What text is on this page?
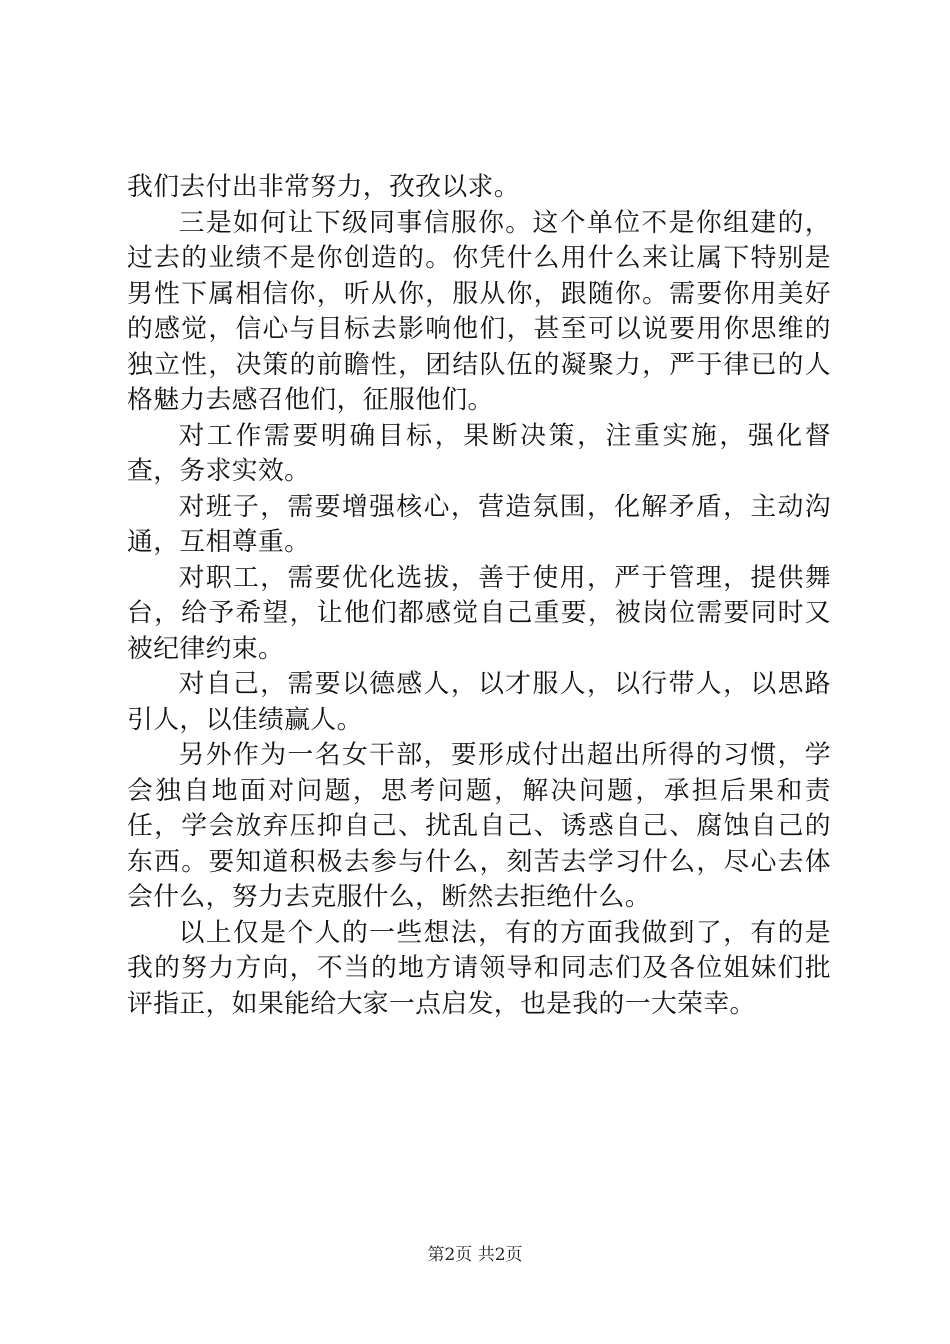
我们去付出非常努力，孜孜以求。

三是如何让下级同事信服你。这个单位不是你组建的，过去的业绩不是你创造的。你凭什么用什么来让属下特别是男性下属相信你，听从你，服从你，跟随你。需要你用美好的感觉，信心与目标去影响他们，甚至可以说要用你思维的独立性，决策的前瞻性，团结队伍的凝聚力，严于律已的人格魅力去感召他们，征服他们。

对工作需要明确目标，果断决策，注重实施，强化督查，务求实效。

对班子，需要增强核心，营造氛围，化解矛盾，主动沟通，互相尊重。

对职工，需要优化选拔，善于使用，严于管理，提供舞台，给予希望，让他们都感觉自己重要，被岗位需要同时又被纪律约束。

对自己，需要以德感人，以才服人，以行带人，以思路引人，以佳绩赢人。

另外作为一名女干部，要形成付出超出所得的习惯，学会独自地面对问题，思考问题，解决问题，承担后果和责任，学会放弃压抑自己、扰乱自己、诱惑自己、腐蚀自己的东西。要知道积极去参与什么，刻苦去学习什么，尽心去体会什么，努力去克服什么，断然去拒绝什么。

以上仅是个人的一些想法，有的方面我做到了，有的是我的努力方向，不当的地方请领导和同志们及各位姐妹们批评指正，如果能给大家一点启发，也是我的一大荣幸。

第2页 共2页
